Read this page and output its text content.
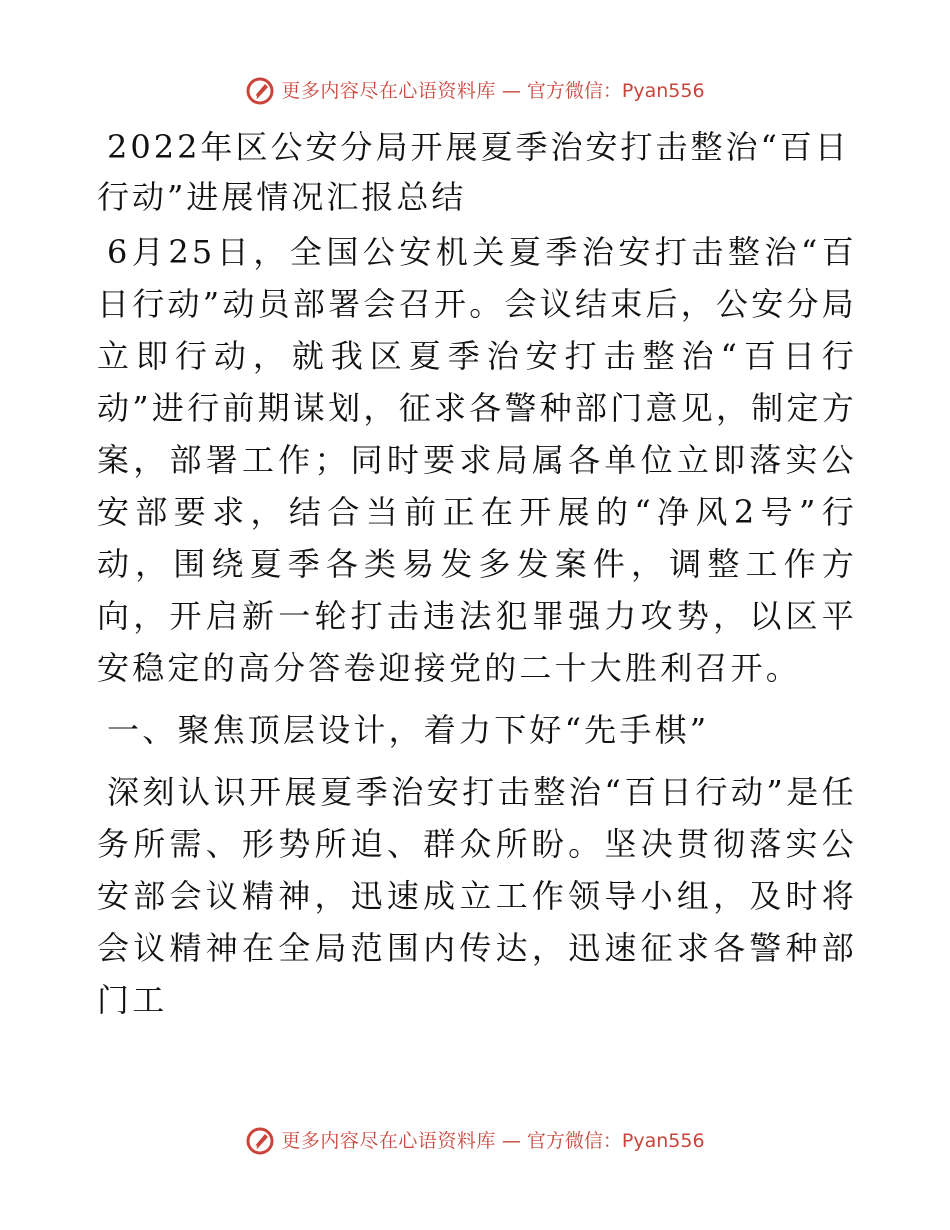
更多内容尽在心语资料库 — 官方微信：Pyan556
2022年区公安分局开展夏季治安打击整治“百日行动”进展情况汇报总结

6月25日，全国公安机关夏季治安打击整治“百日行动”动员部署会召开。会议结束后，公安分局立即行动，就我区夏季治安打击整治“百日行动”进行前期谋划，征求各警种部门意见，制定方案，部署工作；同时要求局属各单位立即落实公安部要求，结合当前正在开展的“净风2号”行动，围绕夏季各类易发多发案件，调整工作方向，开启新一轮打击违法犯罪强力攻势，以区平安稳定的高分答卷迎接党的二十大胜利召开。

一、聚焦顶层设计，着力下好“先手棋”

深刻认识开展夏季治安打击整治“百日行动”是任务所需、形势所迫、群众所盼。坚决贯彻落实公安部会议精神，迅速成立工作领导小组，及时将会议精神在全局范围内传达，迅速征求各警种部门工

更多内容尽在心语资料库 — 官方微信：Pyan556
